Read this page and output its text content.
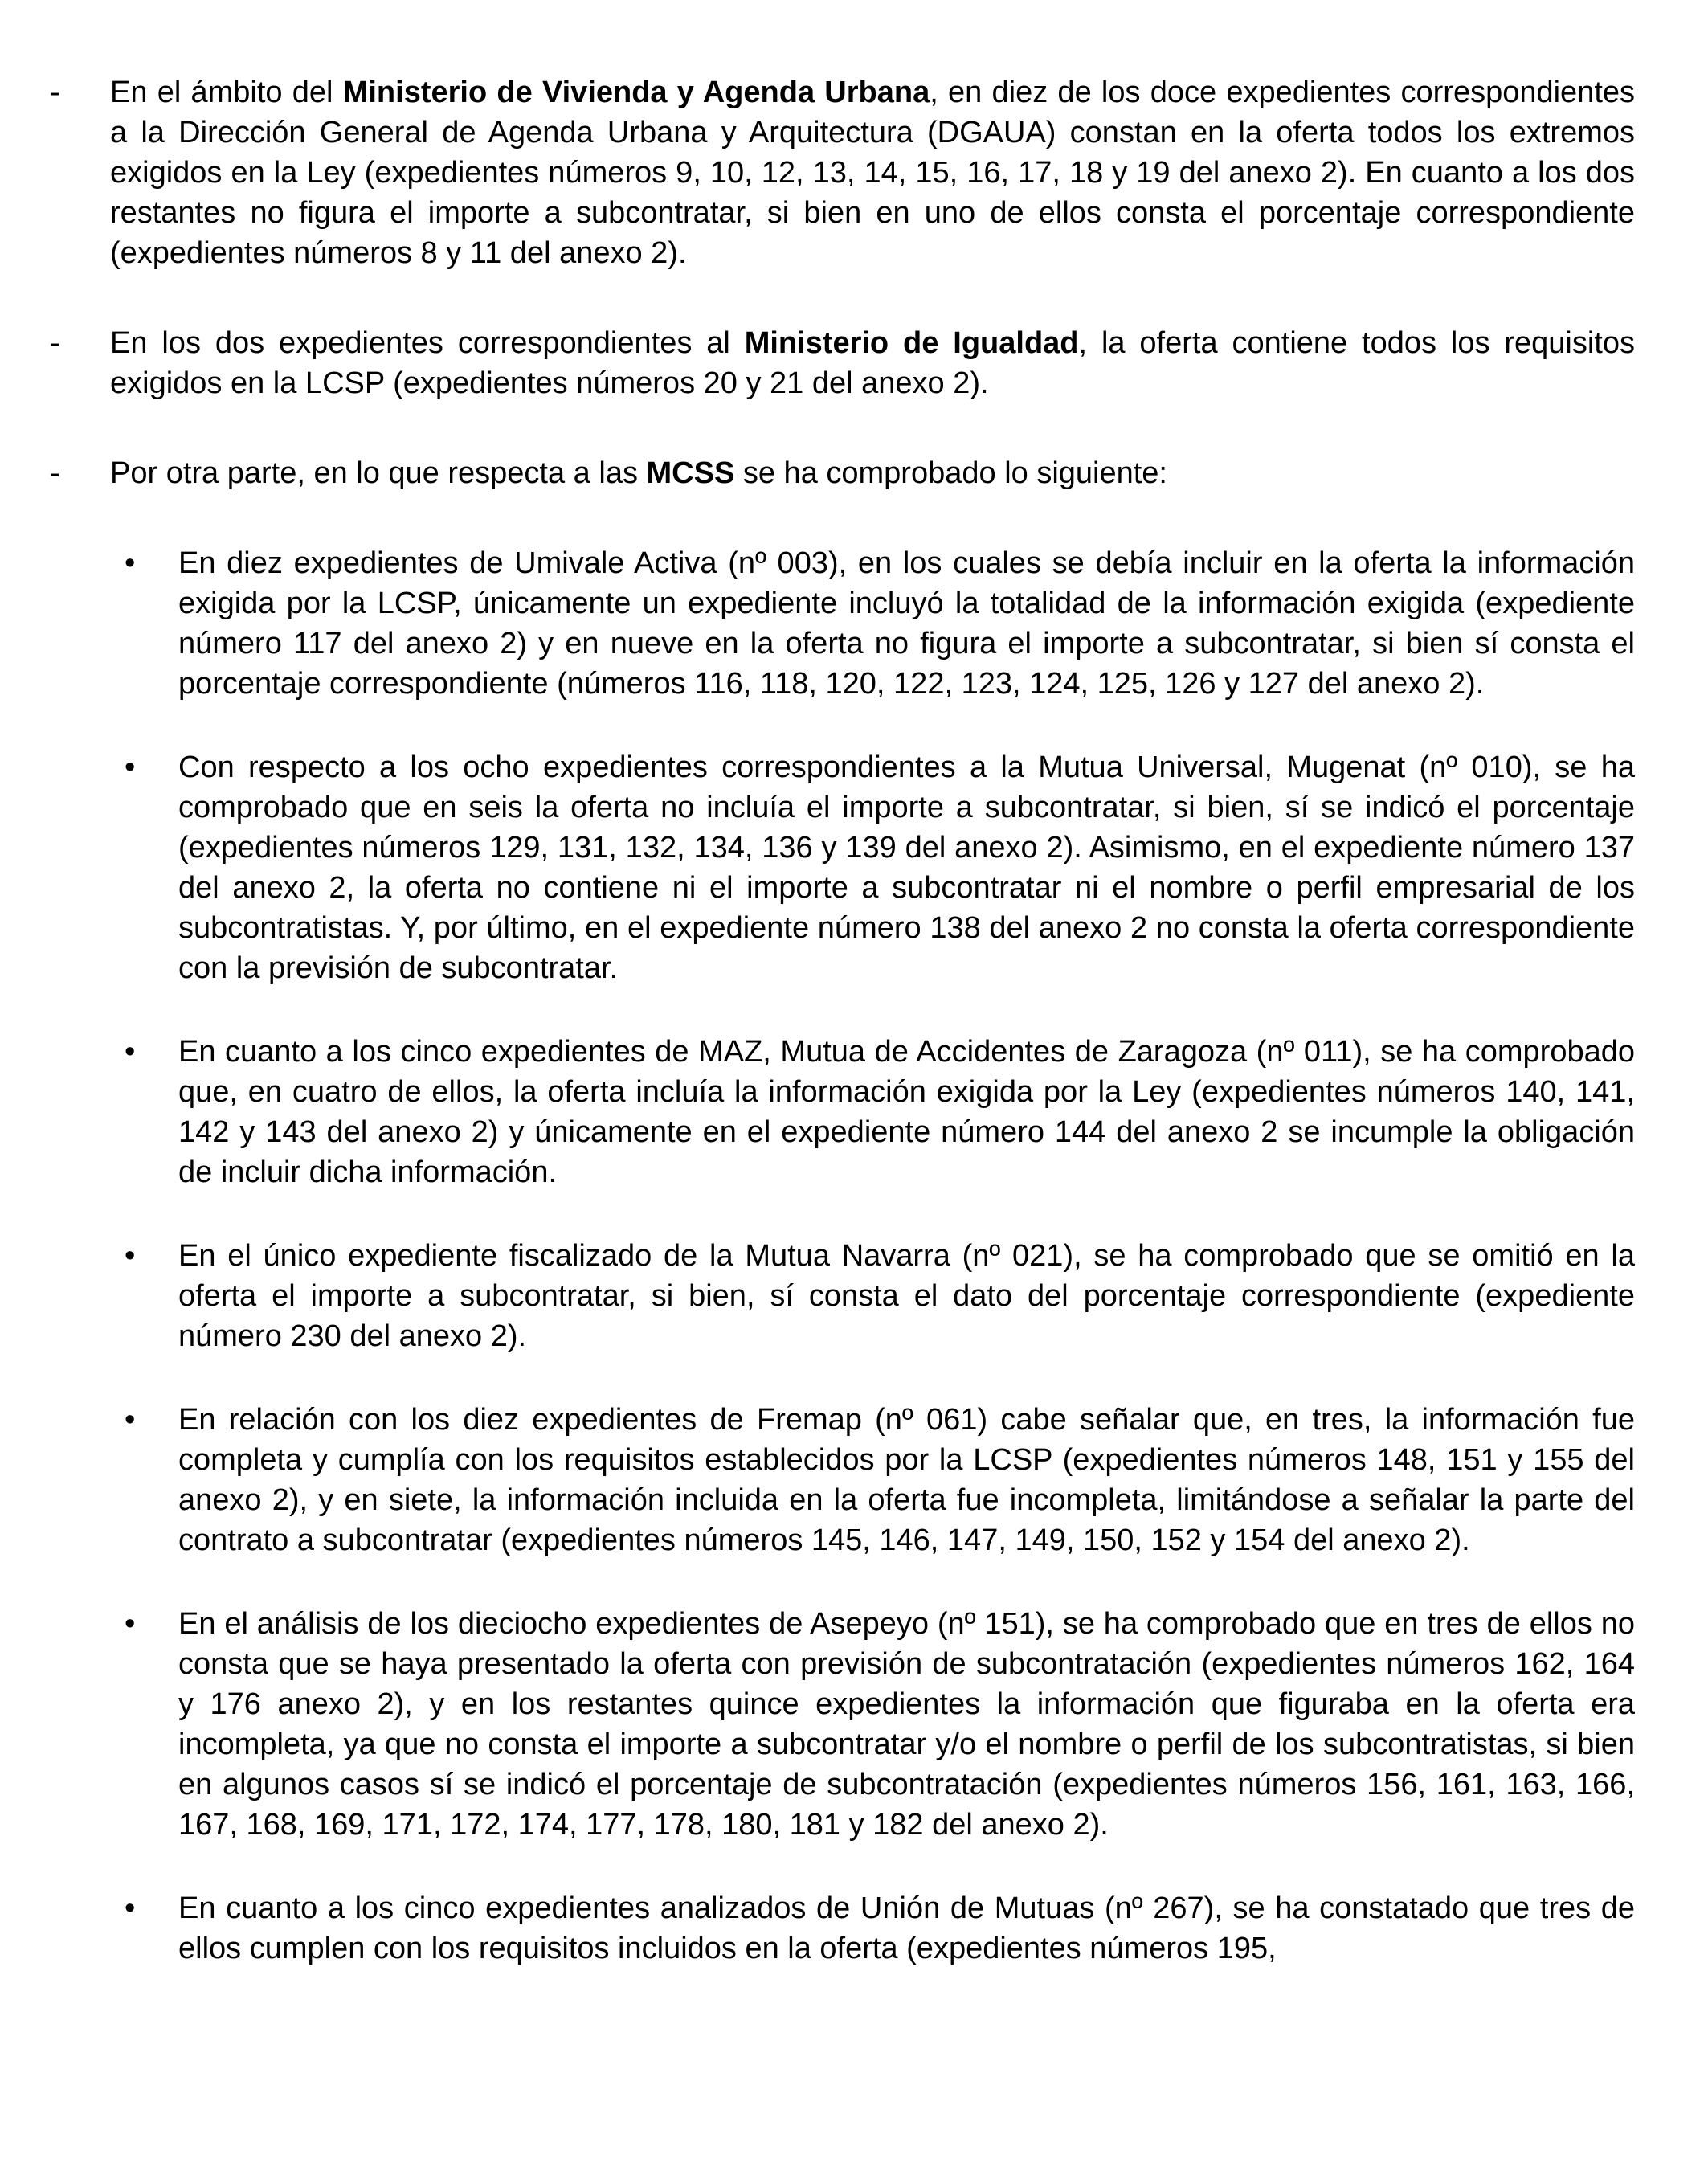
-	En el ámbito del Ministerio de Vivienda y Agenda Urbana, en diez de los doce expedientes correspondientes a la Dirección General de Agenda Urbana y Arquitectura (DGAUA) constan en la oferta todos los extremos exigidos en la Ley (expedientes números 9, 10, 12, 13, 14, 15, 16, 17, 18 y 19 del anexo 2). En cuanto a los dos restantes no figura el importe a subcontratar, si bien en uno de ellos consta el porcentaje correspondiente (expedientes números 8 y 11 del anexo 2).

-	En los dos expedientes correspondientes al Ministerio de Igualdad, la oferta contiene todos los requisitos exigidos en la LCSP (expedientes números 20 y 21 del anexo 2).

-	Por otra parte, en lo que respecta a las MCSS se ha comprobado lo siguiente:

•	En diez expedientes de Umivale Activa (nº 003), en los cuales se debía incluir en la oferta la información exigida por la LCSP, únicamente un expediente incluyó la totalidad de la información exigida (expediente número 117 del anexo 2) y en nueve en la oferta no figura el importe a subcontratar, si bien sí consta el porcentaje correspondiente (números 116, 118, 120, 122, 123, 124, 125, 126 y 127 del anexo 2).

•	Con respecto a los ocho expedientes correspondientes a la Mutua Universal, Mugenat (nº 010), se ha comprobado que en seis la oferta no incluía el importe a subcontratar, si bien, sí se indicó el porcentaje (expedientes números 129, 131, 132, 134, 136 y 139 del anexo 2). Asimismo, en el expediente número 137 del anexo 2, la oferta no contiene ni el importe a subcontratar ni el nombre o perfil empresarial de los subcontratistas. Y, por último, en el expediente número 138 del anexo 2 no consta la oferta correspondiente con la previsión de subcontratar.

•	En cuanto a los cinco expedientes de MAZ, Mutua de Accidentes de Zaragoza (nº 011), se ha comprobado que, en cuatro de ellos, la oferta incluía la información exigida por la Ley (expedientes números 140, 141, 142 y 143 del anexo 2) y únicamente en el expediente número 144 del anexo 2 se incumple la obligación de incluir dicha información.

•	En el único expediente fiscalizado de la Mutua Navarra (nº 021), se ha comprobado que se omitió en la oferta el importe a subcontratar, si bien, sí consta el dato del porcentaje correspondiente (expediente número 230 del anexo 2).

•	En relación con los diez expedientes de Fremap (nº 061) cabe señalar que, en tres, la información fue completa y cumplía con los requisitos establecidos por la LCSP (expedientes números 148, 151 y 155 del anexo 2), y en siete, la información incluida en la oferta fue incompleta, limitándose a señalar la parte del contrato a subcontratar (expedientes números 145, 146, 147, 149, 150, 152 y 154 del anexo 2).

•	En el análisis de los dieciocho expedientes de Asepeyo (nº 151), se ha comprobado que en tres de ellos no consta que se haya presentado la oferta con previsión de subcontratación (expedientes números 162, 164 y 176 anexo 2), y en los restantes quince expedientes la información que figuraba en la oferta era incompleta, ya que no consta el importe a subcontratar y/o el nombre o perfil de los subcontratistas, si bien en algunos casos sí se indicó el porcentaje de subcontratación (expedientes números 156, 161, 163, 166, 167, 168, 169, 171, 172, 174, 177, 178, 180, 181 y 182 del anexo 2).

•	En cuanto a los cinco expedientes analizados de Unión de Mutuas (nº 267), se ha constatado que tres de ellos cumplen con los requisitos incluidos en la oferta (expedientes números 195,
